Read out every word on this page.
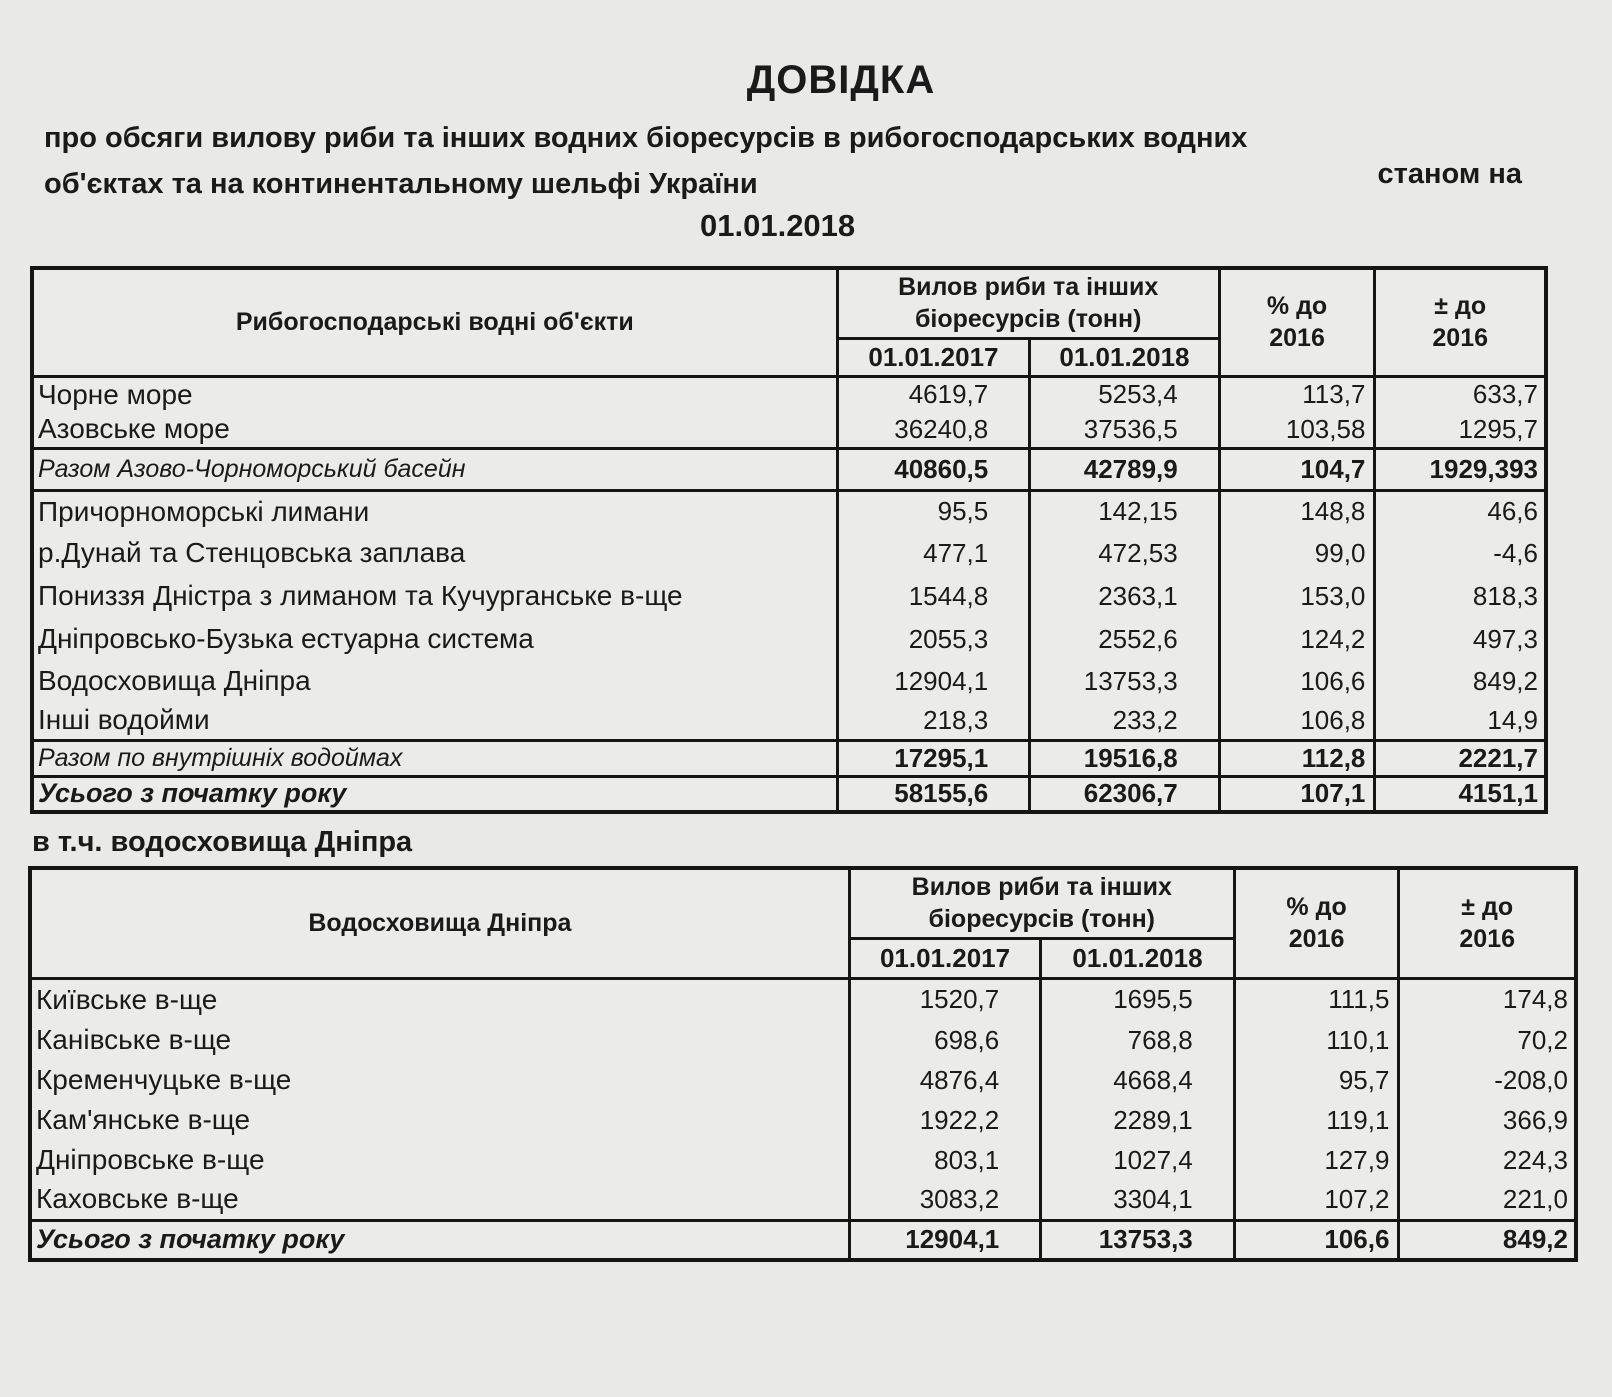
ДОВІДКА
про обсяги вилову риби та інших водних біоресурсів в рибогосподарських водних
об'єктах та на континентальному шельфі України	станом на
01.01.2018
Рибогосподарські водні об'єкти	Вилов риби та інших біоресурсів (тонн)		% до 2016	± до 2016
	01.01.2017	01.01.2018		
Чорне море	4619,7	5253,4	113,7	633,7
Азовське море	36240,8	37536,5	103,58	1295,7
Разом Азово-Чорноморський басейн	40860,5	42789,9	104,7	1929,393
Причорноморські лимани	95,5	142,15	148,8	46,6
р.Дунай та Стенцовська заплава	477,1	472,53	99,0	-4,6
Пониззя Дністра з лиманом та Кучурганське в-ще	1544,8	2363,1	153,0	818,3
Дніпровсько-Бузька естуарна система	2055,3	2552,6	124,2	497,3
Водосховища Дніпра	12904,1	13753,3	106,6	849,2
Інші водойми	218,3	233,2	106,8	14,9
Разом по внутрішніх водоймах	17295,1	19516,8	112,8	2221,7
Усього з початку року	58155,6	62306,7	107,1	4151,1
в т.ч. водосховища Дніпра
Водосховища Дніпра	Вилов риби та інших біоресурсів (тонн)		% до 2016	± до 2016
	01.01.2017	01.01.2018		
Київське в-ще	1520,7	1695,5	111,5	174,8
Канівське в-ще	698,6	768,8	110,1	70,2
Кременчуцьке в-ще	4876,4	4668,4	95,7	-208,0
Кам'янське в-ще	1922,2	2289,1	119,1	366,9
Дніпровське в-ще	803,1	1027,4	127,9	224,3
Каховське в-ще	3083,2	3304,1	107,2	221,0
Усього з початку року	12904,1	13753,3	106,6	849,2
